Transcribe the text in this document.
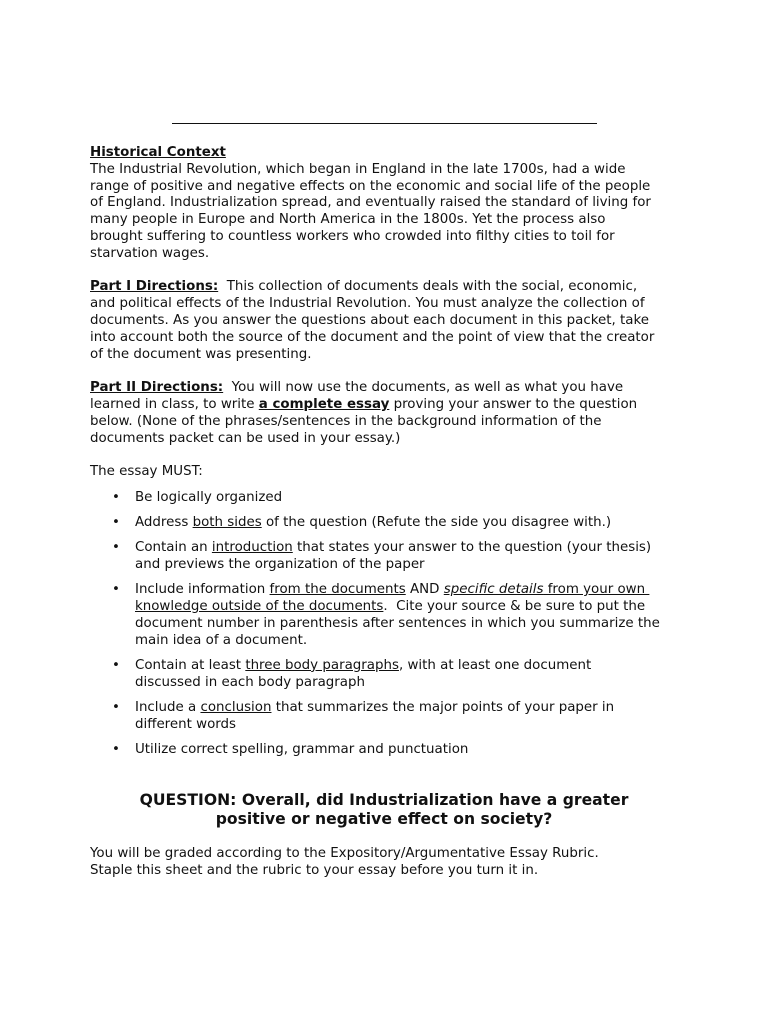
Historical Context

The Industrial Revolution, which began in England in the late 1700s, had a wide

range of positive and negative effects on the economic and social life of the people

of England. Industrialization spread, and eventually raised the standard of living for

many people in Europe and North America in the 1800s. Yet the process also

brought suffering to countless workers who crowded into filthy cities to toil for

starvation wages.

Part I Directions:  This collection of documents deals with the social, economic,

and political effects of the Industrial Revolution. You must analyze the collection of

documents. As you answer the questions about each document in this packet, take

into account both the source of the document and the point of view that the creator

of the document was presenting.

Part II Directions:  You will now use the documents, as well as what you have

learned in class, to write a complete essay proving your answer to the question

below. (None of the phrases/sentences in the background information of the

documents packet can be used in your essay.)

The essay MUST:

• Be logically organized
• Address both sides of the question (Refute the side you disagree with.)
• Contain an introduction that states your answer to the question (your thesis)
and previews the organization of the paper
• Include information from the documents AND specific details from your own
knowledge outside of the documents.  Cite your source & be sure to put the
document number in parenthesis after sentences in which you summarize the
main idea of a document.
• Contain at least three body paragraphs, with at least one document
discussed in each body paragraph
• Include a conclusion that summarizes the major points of your paper in
different words
• Utilize correct spelling, grammar and punctuation
QUESTION: Overall, did Industrialization have a greater
positive or negative effect on society?

You will be graded according to the Expository/Argumentative Essay Rubric.

Staple this sheet and the rubric to your essay before you turn it in.
